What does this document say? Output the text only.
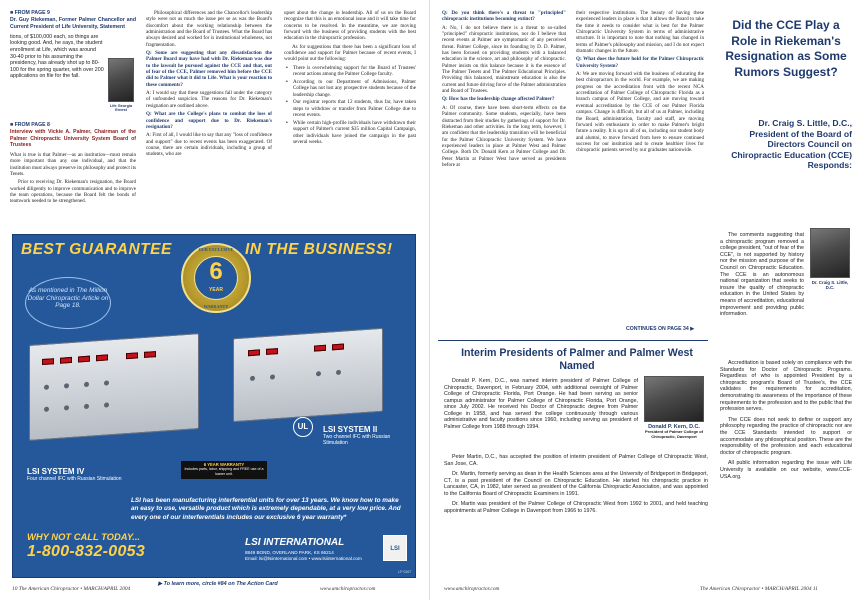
■ FROM PAGE 9
Dr. Guy Riekeman, Former Palmer Chancellor and Current President of Life University, Statement
tions, of $100,000 each, so things are looking good. And, he says, the student enrollment at Life, which was around 30-40 prior to his assuming the presidency, has already shot up to 80-100 for the spring quarter, with over 200 applications on file for the fall.
Life Georgia Ernest
■ FROM PAGE 8
Interview with Vickie A. Palmer, Chairman of the Palmer Chiropractic University System Board of Trustees

What is true is that Palmer—as an institution—must remain more important than any one individual, and that the institution must always preserve its philosophy and protect its Tenets.

Prior to receiving Dr. Riekeman's resignation, the Board worked diligently to improve communication and to improve the team operations, because the Board felt the bonds of teamwork needed to be strengthened.

Philosophical differences and the Chancellor's leadership style were not as much the issue per se as was the Board's discomfort about the working relationship between the administration and the Board of Trustees. What the Board has always desired and worked for is institutional wholeness, not fragmentation.

Q: Some are suggesting that any dissatisfaction the Palmer Board may have had with Dr. Riekeman was due to the lawsuit he pursued against the CCE and that, out of fear of the CCE, Palmer removed him before the CCE did to Palmer what it did to Life. What is your reaction to these comments?

A: I would say that these suggestions fall under the category of unfounded suspicion. The reasons for Dr. Riekeman's resignation are outlined above.

Q: What are the College's plans to combat the loss of confidence and support due to Dr. Riekeman's resignation?

A: First of all, I would like to say that any "loss of confidence and support" due to recent events has been exaggerated. Of course, there are certain individuals, including a group of students, who are

upset about the change in leadership. All of us on the Board recognize that this is an emotional issue and it will take time for concerns to be resolved. In the meantime, we are moving forward with the business of providing students with the best education in the chiropractic profession.

As for suggestions that there has been a significant loss of confidence and support for Palmer because of recent events, I would point out the following:

• There is overwhelming support for the Board of Trustees' recent actions among the Palmer College faculty.
• According to our Department of Admissions, Palmer College has not lost any prospective students because of the leadership change.
• Our registrar reports that 12 students, thus far, have taken steps to withdraw or transfer from Palmer College due to recent events.
• While certain high-profile individuals have withdrawn their support of Palmer's current $35 million Capital Campaign, other individuals have joined the campaign in the past several weeks.
BEST GUARANTEE	IN THE BUSINESS!
OUR EXCLUSIVE
6
YEAR
WARRANTY
As mentioned in The Million Dollar Chiropractic Article on Page 18.
LSI SYSTEM II
Two channel IFC with Russian Stimulation
UL
LSI SYSTEM IV
Four channel IFC with Russian Stimulation
6 YEAR WARRANTY
Includes parts, labor, shipping and FREE use of a loaner unit.
LSI has been manufacturing interferential units for over 13 years. We know how to make an easy to use, versatile product which is extremely dependable, at a very low price. And every one of our interferentials includes our exclusive 6 year warranty*
WHY NOT CALL TODAY...
1-800-832-0053
LSI INTERNATIONAL
8849 BOND, OVERLAND PARK, KS 66214
Email: lsi@lsiinternational.com • www.lsiinternational.com
LSI
LP 0107
▶ To learn more, circle #84 on The Action Card
10 The American Chiropractor • MARCH/APRIL 2004	www.amchiropractor.com

Q: Do you think there's a threat to "principled" chiropractic institutions becoming extinct?

A: No, I do not believe there is a threat to so-called "principled" chiropractic institutions, nor do I believe that recent events at Palmer are symptomatic of any perceived threat. Palmer College, since its founding by D. D. Palmer, has been focused on providing students with a balanced education in the science, art and philosophy of chiropractic. Palmer insists on this balance because it is the essence of The Palmer Tenets and The Palmer Educational Principles. Providing this balanced, mainstream education is also the current and future driving force of the Palmer administration and Board of Trustees.

Q: How has the leadership change affected Palmer?

A: Of course, there have been short-term effects on the Palmer community. Some students, especially, have been distracted from their studies by gatherings of support for Dr. Riekeman and other activities. In the long term, however, I am confident that the leadership transition will be beneficial for the Palmer Chiropractic University System. We have experienced leaders in place at Palmer West and Palmer College. Both Dr. Donald Kern at Palmer College and Dr. Peter Martin at Palmer West have served as presidents before at

their respective institutions. The beauty of having these experienced leaders in place is that it allows the Board to take the time it needs to consider what is best for the Palmer Chiropractic University System in terms of administrative structure. It is important to note that nothing has changed in terms of Palmer's philosophy and mission, and I do not expect dramatic changes in the future.

Q: What does the future hold for the Palmer Chiropractic University System?

A: We are moving forward with the business of educating the best chiropractors in the world. For example, we are making progress on the accreditation front with the recent NCA accreditation of Palmer College of Chiropractic Florida as a branch campus of Palmer College, and are moving toward eventual accreditation by the CCE of our Palmer Florida campus. Change is difficult, but all of us at Palmer, including the Board, administration, faculty and staff, are moving forward with enthusiasm in order to make Palmer's bright future a reality. It is up to all of us, including our student body and alumni, to move forward from here to ensure continued success for our institution and to create healthier lives for chiropractic patients served by our graduates nationwide.

CONTINUES ON PAGE 34 ▶
Interim Presidents of Palmer and Palmer West Named

Donald P. Kern, D.C., was named interim president of Palmer College of Chiropractic, Davenport, in February 2004, with additional oversight of Palmer College of Chiropractic Florida, Port Orange. He had been serving as senior campus administrator for Palmer College of Chiropractic Florida, Port Orange, since July 2002. He received his Doctor of Chiropractic degree from Palmer College in 1958, and has served the college continuously through various administrative and faculty positions since 1960, including serving as president of Palmer College from 1988 through 1994.	Donald P. Kern, D.C.
President of Palmer College of Chiropractic, Davenport

Peter Martin, D.C., has accepted the position of interim president of Palmer College of Chiropractic West, San Jose, CA.

Dr. Martin, formerly serving as dean in the Health Sciences area at the University of Bridgeport in Bridgeport, CT, is a past president of the Council on Chiropractic Education. He started his chiropractic practice in Lancaster, CA, in 1982, later served as president of the California Chiropractic Association, and was appointed to the California Board of Chiropractic Examiners in 1991.

Dr. Martin was president of the Palmer College of Chiropractic West from 1992 to 2001, and held teaching appointments at Palmer College in Davenport from 1966 to 1976.

Did the CCE Play a Role in Riekeman's Resignation as Some Rumors Suggest?
Dr. Craig S. Little, D.C., President of the Board of Directors Council on Chiropractic Education (CCE) Responds:
Dr. Craig S. Little, D.C.

The comments suggesting that a chiropractic program removed a college president, "out of fear of the CCE", is not supported by history nor the mission and purpose of the Council on Chiropractic Education. The CCE is an autonomous national organization that seeks to insure the quality of chiropractic education in the United States by means of accreditation, educational improvement and providing public information.

Accreditation is based solely on compliance with the Standards for Doctor of Chiropractic Programs. Regardless of who is appointed President by a chiropractic program's Board of Trustee's, the CCE validates the requirements for accreditation, demonstrating its awareness of the importance of these requirements to the profession and to the public that the profession serves.

The CCE does not seek to define or support any philosophy regarding the practice of chiropractic nor are the CCE Standards intended to support or accommodate any philosophical position. These are the responsibility of the profession and each educational doctor of chiropractic program.

All public information regarding the issue with Life University is available on our website, www.CCE-USA.org.

www.amchiropractor.com	The American Chiropractor • MARCH/APRIL 2004 11
